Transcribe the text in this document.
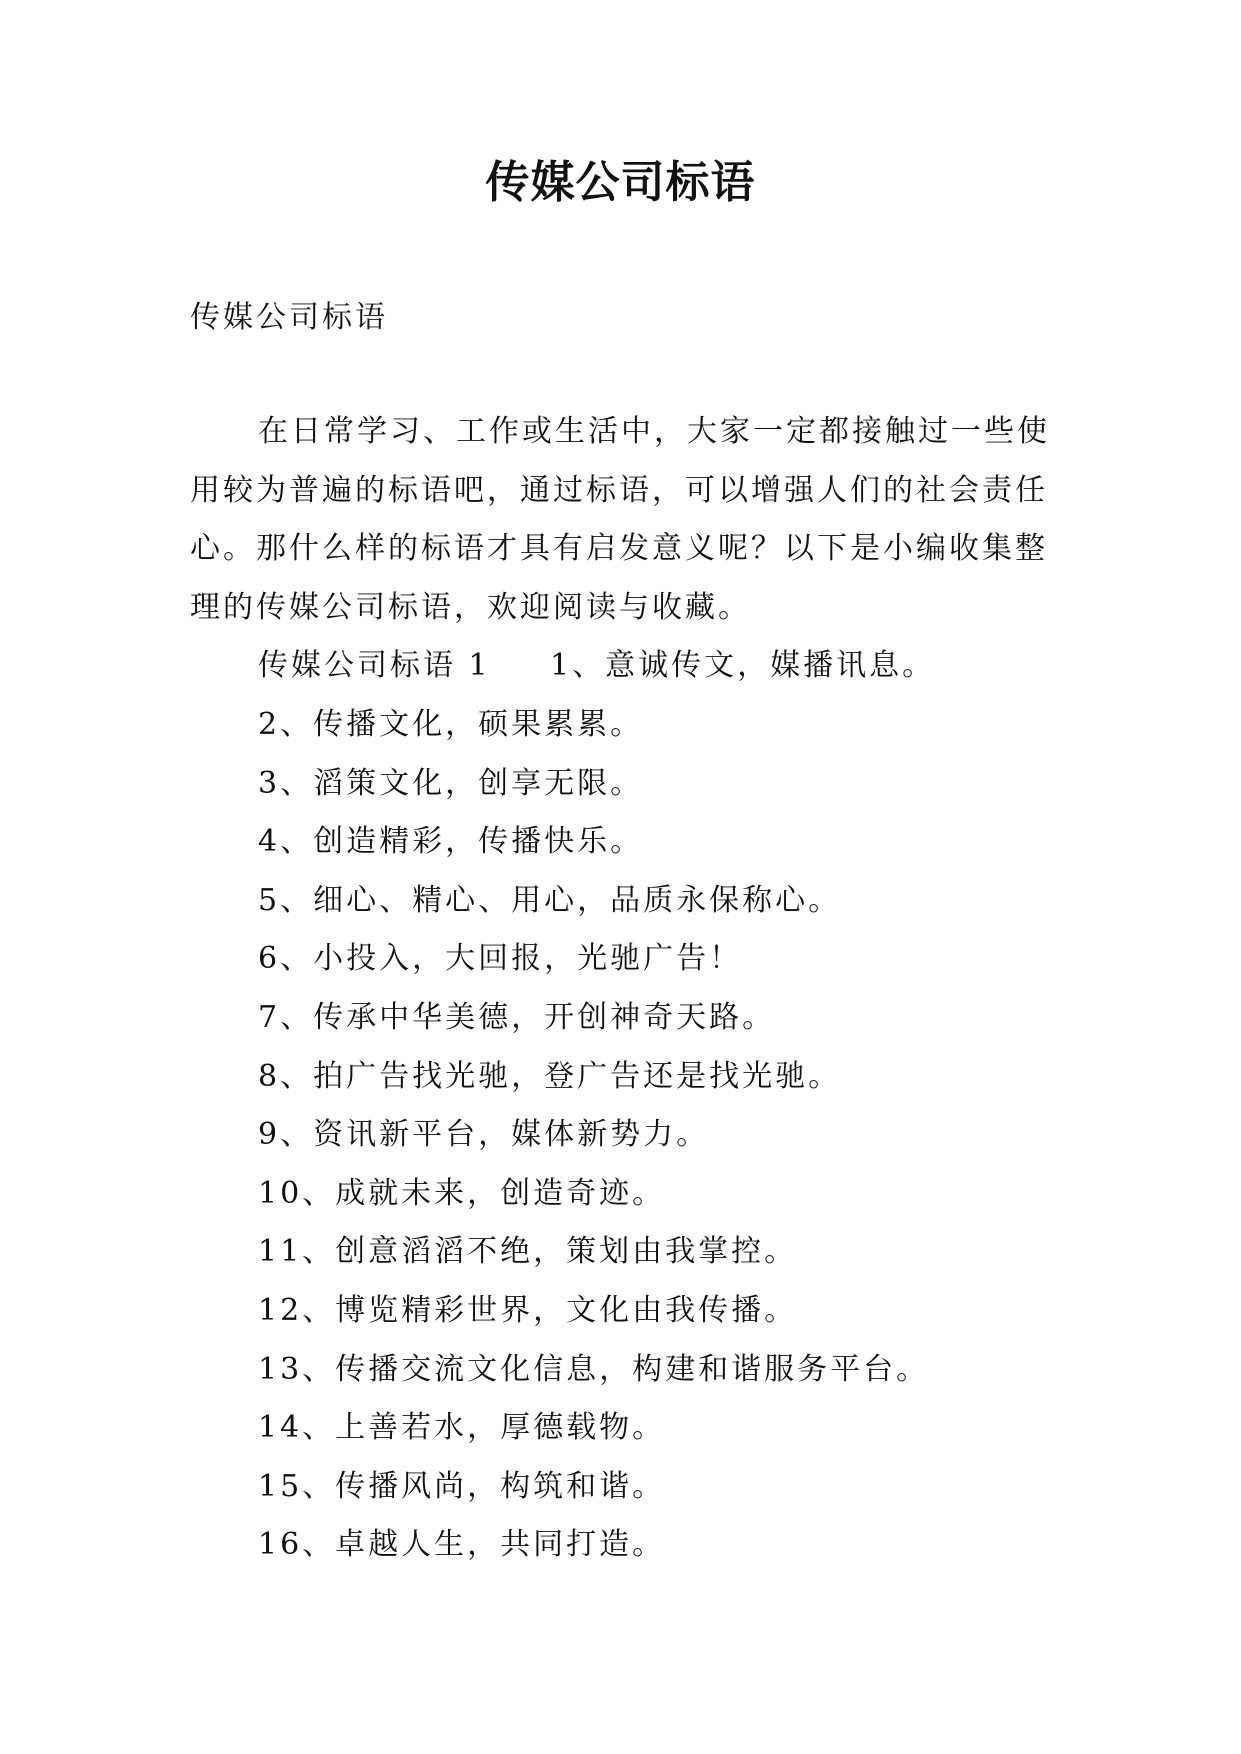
传媒公司标语
传媒公司标语
在日常学习、工作或生活中，大家一定都接触过一些使
用较为普遍的标语吧，通过标语，可以增强人们的社会责任
心。那什么样的标语才具有启发意义呢？以下是小编收集整
理的传媒公司标语，欢迎阅读与收藏。
传媒公司标语 1 1、意诚传文，媒播讯息。
2、传播文化，硕果累累。
3、滔策文化，创享无限。
4、创造精彩，传播快乐。
5、细心、精心、用心，品质永保称心。
6、小投入，大回报，光驰广告！
7、传承中华美德，开创神奇天路。
8、拍广告找光驰，登广告还是找光驰。
9、资讯新平台，媒体新势力。
10、成就未来，创造奇迹。
11、创意滔滔不绝，策划由我掌控。
12、博览精彩世界，文化由我传播。
13、传播交流文化信息，构建和谐服务平台。
14、上善若水，厚德载物。
15、传播风尚，构筑和谐。
16、卓越人生，共同打造。
